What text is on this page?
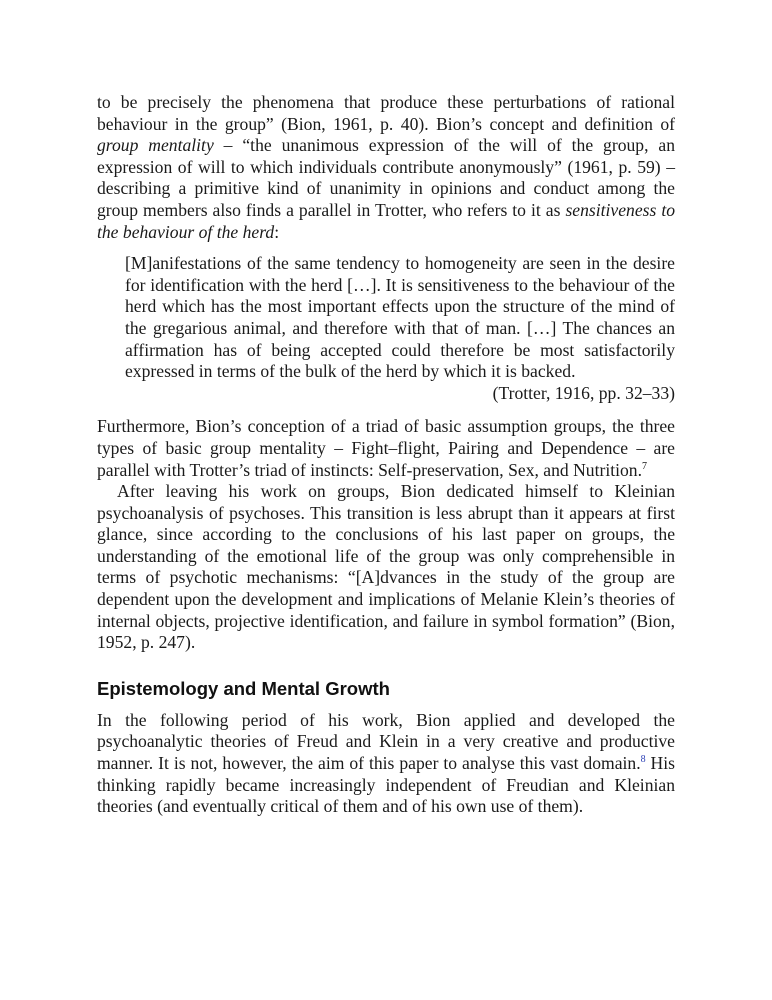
to be precisely the phenomena that produce these perturbations of rational behaviour in the group” (Bion, 1961, p. 40). Bion’s concept and definition of group mentality – “the unanimous expression of the will of the group, an expression of will to which individuals contribute anonymously” (1961, p. 59) – describing a primitive kind of unanimity in opinions and conduct among the group members also finds a parallel in Trotter, who refers to it as sensitiveness to the behaviour of the herd:

[M]anifestations of the same tendency to homogeneity are seen in the desire for identification with the herd […]. It is sensitiveness to the behaviour of the herd which has the most important effects upon the structure of the mind of the gregarious animal, and therefore with that of man. […] The chances an affirmation has of being accepted could therefore be most satisfactorily expressed in terms of the bulk of the herd by which it is backed.

(Trotter, 1916, pp. 32–33)

Furthermore, Bion’s conception of a triad of basic assumption groups, the three types of basic group mentality – Fight–flight, Pairing and Dependence – are parallel with Trotter’s triad of instincts: Self-preservation, Sex, and Nutrition.$^7$

After leaving his work on groups, Bion dedicated himself to Kleinian psychoanalysis of psychoses. This transition is less abrupt than it appears at first glance, since according to the conclusions of his last paper on groups, the understanding of the emotional life of the group was only comprehensible in terms of psychotic mechanisms: “[A]dvances in the study of the group are dependent upon the development and implications of Melanie Klein’s theories of internal objects, projective identification, and failure in symbol formation” (Bion, 1952, p. 247).

Epistemology and Mental Growth

In the following period of his work, Bion applied and developed the psychoanalytic theories of Freud and Klein in a very creative and productive manner. It is not, however, the aim of this paper to analyse this vast domain.$^8$ His thinking rapidly became increasingly independent of Freudian and Kleinian theories (and eventually critical of them and of his own use of them).
